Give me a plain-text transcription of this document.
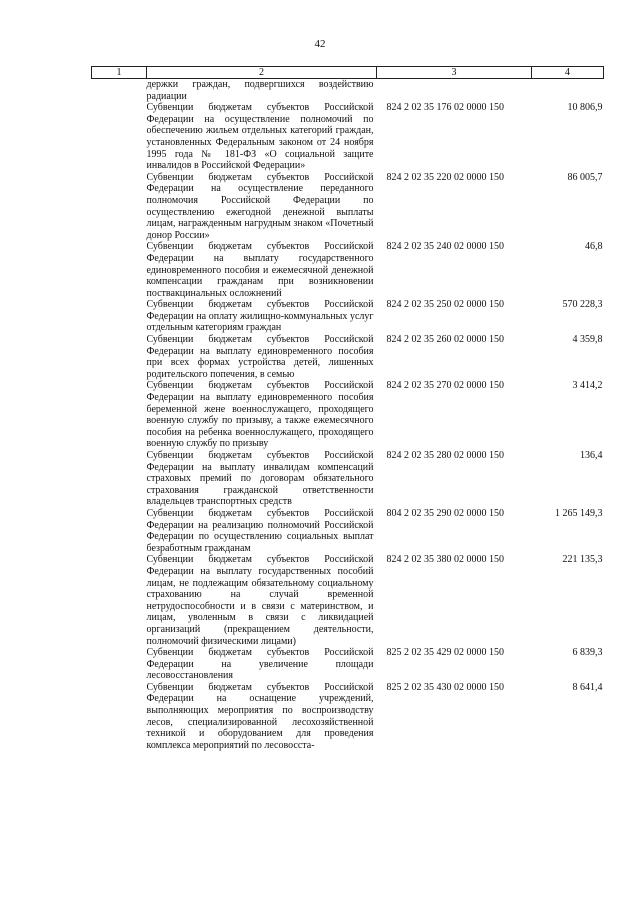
42
1	2	3	4
	держки граждан, подвергшихся воздействию радиации		
	Субвенции бюджетам субъектов Российской Федерации на осуществление полномочий по обеспечению жильем отдельных категорий граждан, установленных Федеральным законом от 24 ноября 1995 года № 181-ФЗ «О социальной защите инвалидов в Российской Федерации»	824 2 02 35 176 02 0000 150	10 806,9
	Субвенции бюджетам субъектов Российской Федерации на осуществление переданного полномочия Российской Федерации по осуществлению ежегодной денежной выплаты лицам, награжденным нагрудным знаком «Почетный донор России»	824 2 02 35 220 02 0000 150	86 005,7
	Субвенции бюджетам субъектов Российской Федерации на выплату государственного единовременного пособия и ежемесячной денежной компенсации гражданам при возникновении поствакцинальных осложнений	824 2 02 35 240 02 0000 150	46,8
	Субвенции бюджетам субъектов Российской Федерации на оплату жилищно-коммунальных услуг отдельным категориям граждан	824 2 02 35 250 02 0000 150	570 228,3
	Субвенции бюджетам субъектов Российской Федерации на выплату единовременного пособия при всех формах устройства детей, лишенных родительского попечения, в семью	824 2 02 35 260 02 0000 150	4 359,8
	Субвенции бюджетам субъектов Российской Федерации на выплату единовременного пособия беременной жене военнослужащего, проходящего военную службу по призыву, а также ежемесячного пособия на ребенка военнослужащего, проходящего военную службу по призыву	824 2 02 35 270 02 0000 150	3 414,2
	Субвенции бюджетам субъектов Российской Федерации на выплату инвалидам компенсаций страховых премий по договорам обязательного страхования гражданской ответственности владельцев транспортных средств	824 2 02 35 280 02 0000 150	136,4
	Субвенции бюджетам субъектов Российской Федерации на реализацию полномочий Российской Федерации по осуществлению социальных выплат безработным гражданам	804 2 02 35 290 02 0000 150	1 265 149,3
	Субвенции бюджетам субъектов Российской Федерации на выплату государственных пособий лицам, не подлежащим обязательному социальному страхованию на случай временной нетрудоспособности и в связи с материнством, и лицам, уволенным в связи с ликвидацией организаций (прекращением деятельности, полномочий физическими лицами)	824 2 02 35 380 02 0000 150	221 135,3
	Субвенции бюджетам субъектов Российской Федерации на увеличение площади лесовосстановления	825 2 02 35 429 02 0000 150	6 839,3
	Субвенции бюджетам субъектов Российской Федерации на оснащение учреждений, выполняющих мероприятия по воспроизводству лесов, специализированной лесохозяйственной техникой и оборудованием для проведения комплекса мероприятий по лесовосста-	825 2 02 35 430 02 0000 150	8 641,4
